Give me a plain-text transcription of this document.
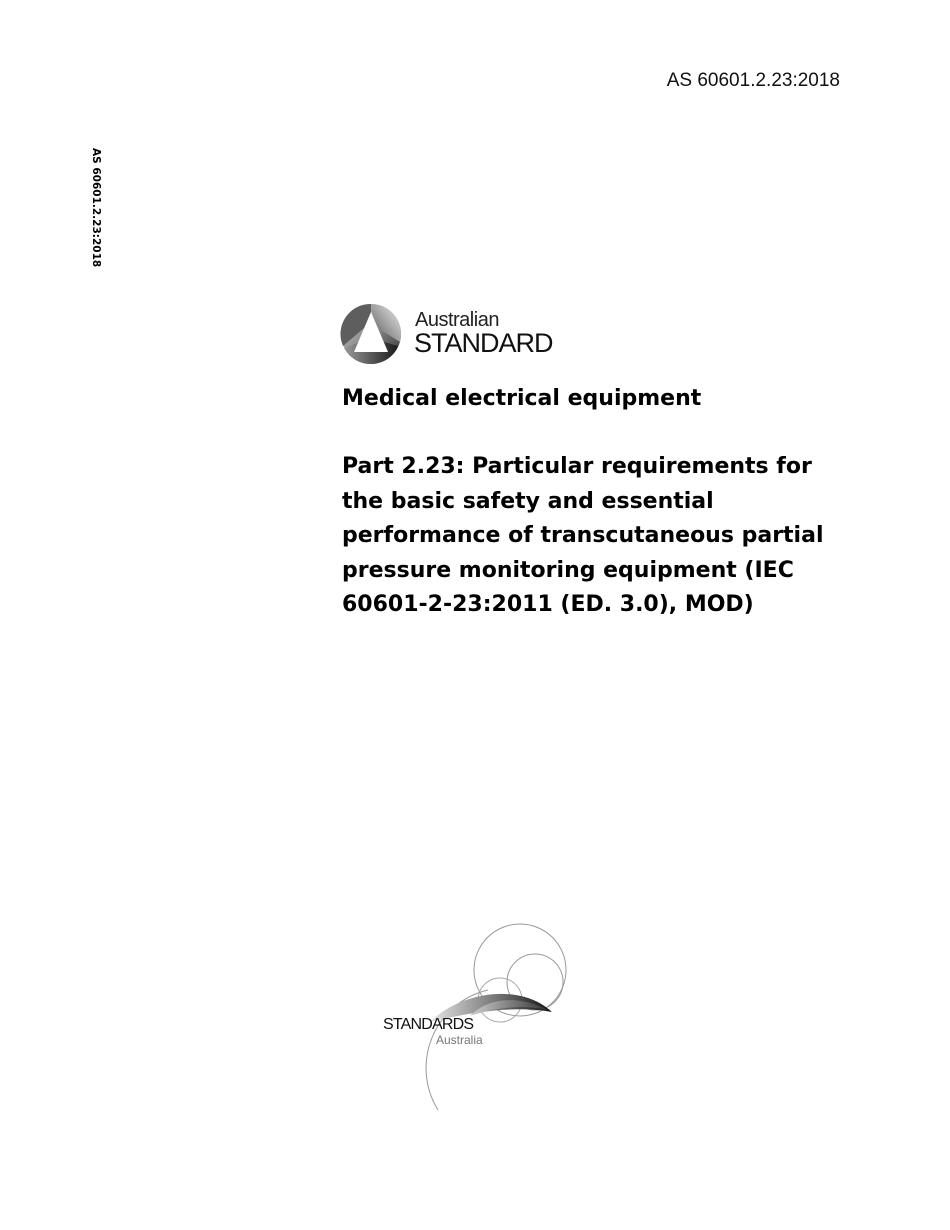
AS 60601.2.23:2018
AS 60601.2.23:2018
Australian
STANDARD
Medical electrical equipment
Part 2.23: Particular requirements for the basic safety and essential performance of transcutaneous partial pressure monitoring equipment (IEC 60601-2-23:2011 (ED. 3.0), MOD)
STANDARDS
Australia
